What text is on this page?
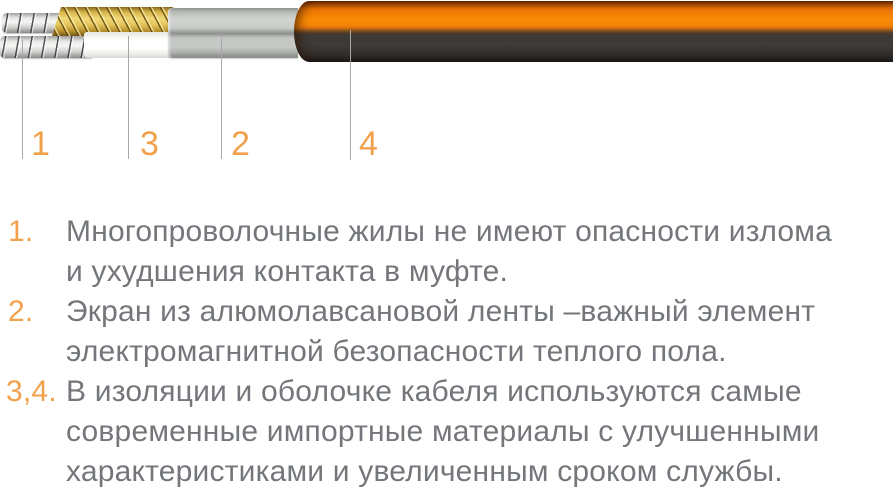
1	3 2	4
1. Многопроволочные жилы не имеют опасности излома
и ухудшения контакта в муфте.
2. Экран из алюмолавсановой ленты –важный элемент
электромагнитной безопасности теплого пола.
3,4. В изоляции и оболочке кабеля используются самые
современные импортные материалы с улучшенными
характеристиками и увеличенным сроком службы.
